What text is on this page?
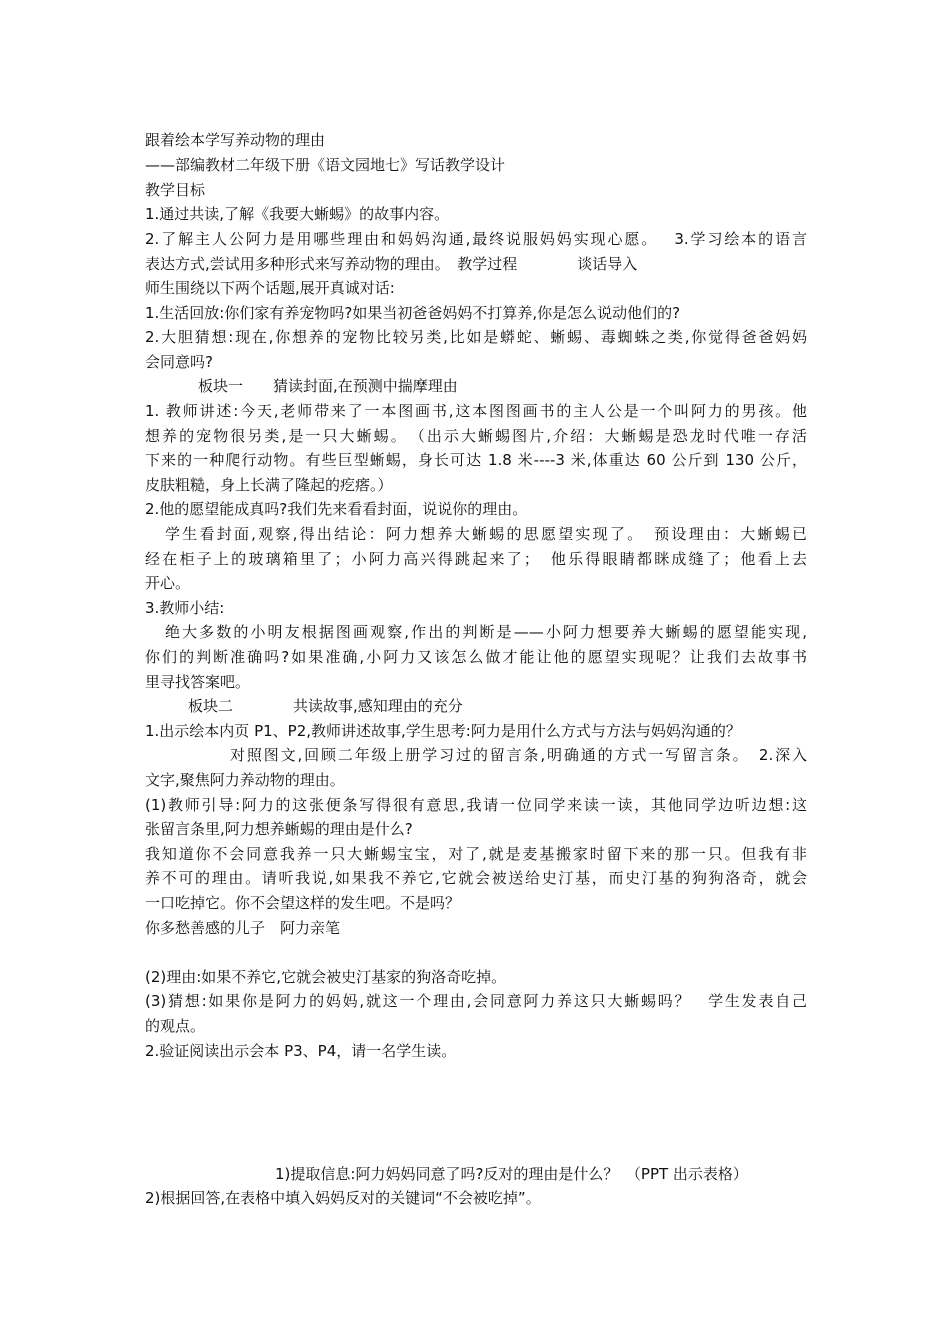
跟着绘本学写养动物的理由
——部编教材二年级下册《语文园地七》写话教学设计
教学目标
1.通过共读,了解《我要大蜥蜴》的故事内容。
2.了解主人公阿力是用哪些理由和妈妈沟通,最终说服妈妈实现心愿。　 3.学习绘本的语言
表达方式,尝试用多种形式来写养动物的理由。　教学过程　　　　谈话导入
师生围绕以下两个话题,展开真诚对话:
1.生活回放:你们家有养宠物吗?如果当初爸爸妈妈不打算养,你是怎么说动他们的?
2.大胆猜想:现在,你想养的宠物比较另类,比如是蟒蛇、蜥蜴、毒蜘蛛之类,你觉得爸爸妈妈
会同意吗?
板块一　　猜读封面,在预测中揣摩理由
1. 教师讲述:今天,老师带来了一本图画书,这本图图画书的主人公是一个叫阿力的男孩。他
想养的宠物很另类,是一只大蜥蜴。　（出示大蜥蜴图片,介绍：大蜥蜴是恐龙时代唯一存活
下来的一种爬行动物。有些巨型蜥蜴，身长可达 1.8 米----3 米,体重达 60 公斤到 130 公斤，
皮肤粗糙，身上长满了隆起的疙瘩。）
2.他的愿望能成真吗?我们先来看看封面，说说你的理由。
学生看封面,观察,得出结论：阿力想养大蜥蜴的思愿望实现了。　预设理由：大蜥蜴已
经在柜子上的玻璃箱里了；小阿力高兴得跳起来了；　他乐得眼睛都眯成缝了；他看上去
开心。
3.教师小结:
绝大多数的小明友根据图画观察,作出的判断是——小阿力想要养大蜥蜴的愿望能实现,
你们的判断准确吗?如果准确,小阿力又该怎么做才能让他的愿望实现呢？让我们去故事书
里寻找答案吧。
板块二　　　　共读故事,感知理由的充分
1.出示绘本内页 P1、P2,教师讲述故事,学生思考:阿力是用什么方式与方法与妈妈沟通的？
对照图文,回顾二年级上册学习过的留言条,明确通的方式一写留言条。　2.深入
文字,聚焦阿力养动物的理由。
(1)教师引导:阿力的这张便条写得很有意思,我请一位同学来读一读，其他同学边听边想:这
张留言条里,阿力想养蜥蜴的理由是什么?
我知道你不会同意我养一只大蜥蜴宝宝，对了,就是麦基搬家时留下来的那一只。但我有非
养不可的理由。请听我说,如果我不养它,它就会被送给史汀基，而史汀基的狗狗洛奇，就会
一口吃掉它。你不会望这样的发生吧。不是吗？
你多愁善感的儿子　阿力亲笔
(2)理由:如果不养它,它就会被史汀基家的狗洛奇吃掉。
(3)猜想:如果你是阿力的妈妈,就这一个理由,会同意阿力养这只大蜥蜴吗？　学生发表自己
的观点。
2.验证阅读出示会本 P3、P4，请一名学生读。
1)提取信息:阿力妈妈同意了吗?反对的理由是什么？　（PPT 出示表格）
2)根据回答,在表格中填入妈妈反对的关键词“不会被吃掉”。
